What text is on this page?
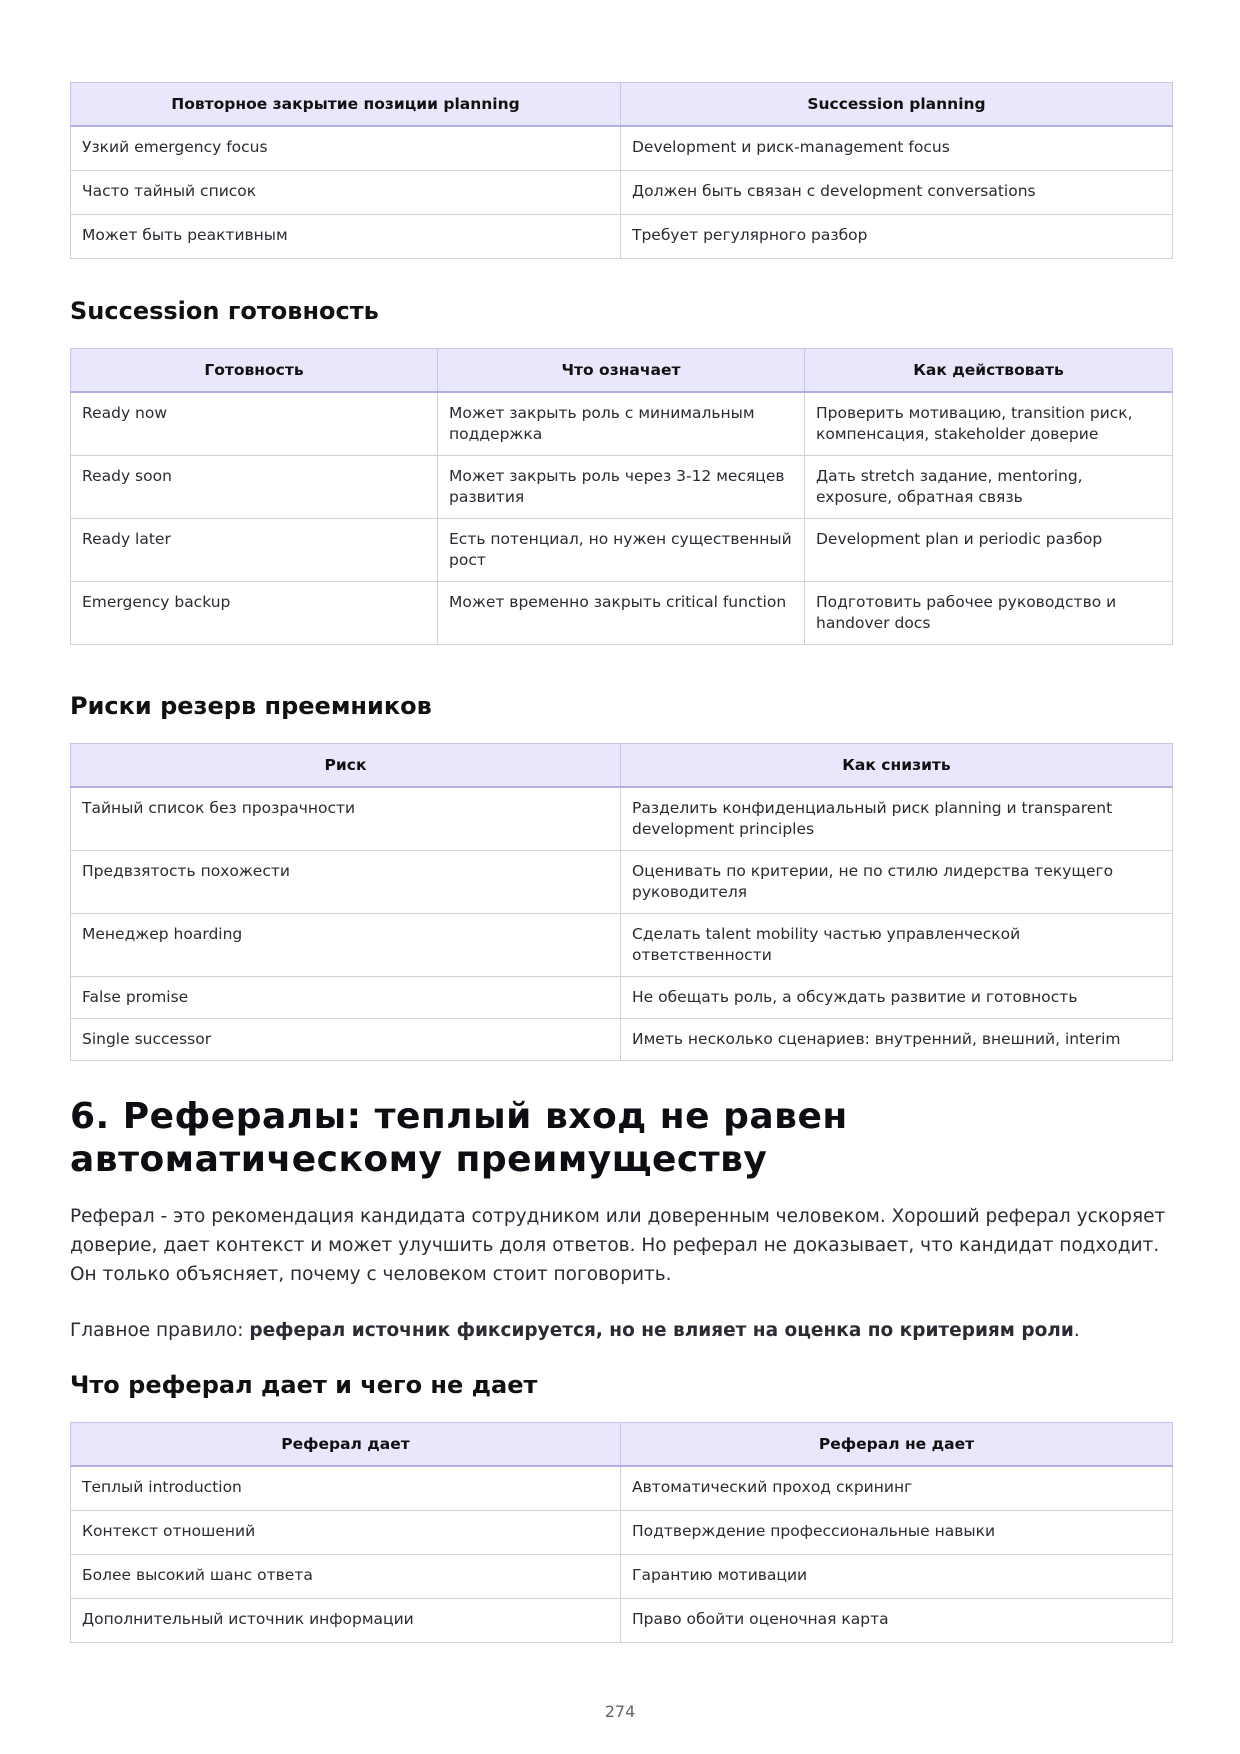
Повторное закрытие позиции planning	Succession planning
Узкий emergency focus	Development и риск-management focus
Часто тайный список	Должен быть связан с development conversations
Может быть реактивным	Требует регулярного разбор
Succession готовность
Готовность	Что означает	Как действовать
Ready now	Может закрыть роль с минимальным поддержка	Проверить мотивацию, transition риск, компенсация, stakeholder доверие
Ready soon	Может закрыть роль через 3-12 месяцев развития	Дать stretch задание, mentoring, exposure, обратная связь
Ready later	Есть потенциал, но нужен существенный рост	Development plan и periodic разбор
Emergency backup	Может временно закрыть critical function	Подготовить рабочее руководство и handover docs
Риски резерв преемников
Риск	Как снизить
Тайный список без прозрачности	Разделить конфиденциальный риск planning и transparent development principles
Предвзятость похожести	Оценивать по критерии, не по стилю лидерства текущего руководителя
Менеджер hoarding	Сделать talent mobility частью управленческой ответственности
False promise	Не обещать роль, а обсуждать развитие и готовность
Single successor	Иметь несколько сценариев: внутренний, внешний, interim
6. Рефералы: теплый вход не равен
автоматическому преимуществу

Реферал - это рекомендация кандидата сотрудником или доверенным человеком. Хороший реферал ускоряет доверие, дает контекст и может улучшить доля ответов. Но реферал не доказывает, что кандидат подходит. Он только объясняет, почему с человеком стоит поговорить.

Главное правило: реферал источник фиксируется, но не влияет на оценка по критериям роли.

Что реферал дает и чего не дает
Реферал дает	Реферал не дает
Теплый introduction	Автоматический проход скрининг
Контекст отношений	Подтверждение профессиональные навыки
Более высокий шанс ответа	Гарантию мотивации
Дополнительный источник информации	Право обойти оценочная карта
274
